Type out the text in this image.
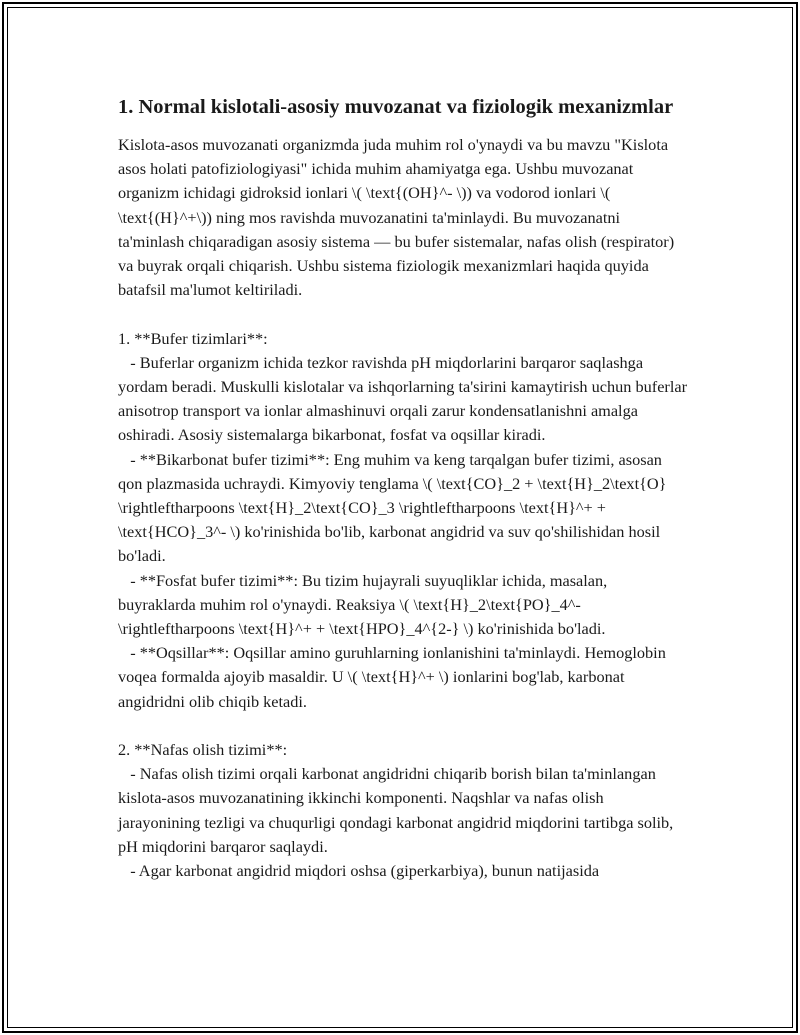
1. Normal kislotali-asosiy muvozanat va fiziologik mexanizmlar

Kislota-asos muvozanati organizmda juda muhim rol o'ynaydi va bu mavzu "Kislota asos holati patofiziologiyasi" ichida muhim ahamiyatga ega. Ushbu muvozanat organizm ichidagi gidroksid ionlari \( \text{(OH}^- \)) va vodorod ionlari \( \text{(H}^+\)) ning mos ravishda muvozanatini ta'minlaydi. Bu muvozanatni ta'minlash chiqaradigan asosiy sistema — bu bufer sistemalar, nafas olish (respirator) va buyrak orqali chiqarish. Ushbu sistema fiziologik mexanizmlari haqida quyida batafsil ma'lumot keltiriladi.

1. **Bufer tizimlari**:

- Buferlar organizm ichida tezkor ravishda pH miqdorlarini barqaror saqlashga yordam beradi. Muskulli kislotalar va ishqorlarning ta'sirini kamaytirish uchun buferlar anisotrop transport va ionlar almashinuvi orqali zarur kondensatlanishni amalga oshiradi. Asosiy sistemalarga bikarbonat, fosfat va oqsillar kiradi.

- **Bikarbonat bufer tizimi**: Eng muhim va keng tarqalgan bufer tizimi, asosan qon plazmasida uchraydi. Kimyoviy tenglama \( \text{CO}_2 + \text{H}_2\text{O} \rightleftharpoons \text{H}_2\text{CO}_3 \rightleftharpoons \text{H}^+ + \text{HCO}_3^- \) ko'rinishida bo'lib, karbonat angidrid va suv qo'shilishidan hosil bo'ladi.

- **Fosfat bufer tizimi**: Bu tizim hujayrali suyuqliklar ichida, masalan, buyraklarda muhim rol o'ynaydi. Reaksiya \( \text{H}_2\text{PO}_4^- \rightleftharpoons \text{H}^+ + \text{HPO}_4^{2-} \) ko'rinishida bo'ladi.

- **Oqsillar**: Oqsillar amino guruhlarning ionlanishini ta'minlaydi. Hemoglobin voqea formalda ajoyib masaldir. U \( \text{H}^+ \) ionlarini bog'lab, karbonat angidridni olib chiqib ketadi.

2. **Nafas olish tizimi**:

- Nafas olish tizimi orqali karbonat angidridni chiqarib borish bilan ta'minlangan kislota-asos muvozanatining ikkinchi komponenti. Naqshlar va nafas olish jarayonining tezligi va chuqurligi qondagi karbonat angidrid miqdorini tartibga solib, pH miqdorini barqaror saqlaydi.

- Agar karbonat angidrid miqdori oshsa (giperkarbiya), bunun natijasida
